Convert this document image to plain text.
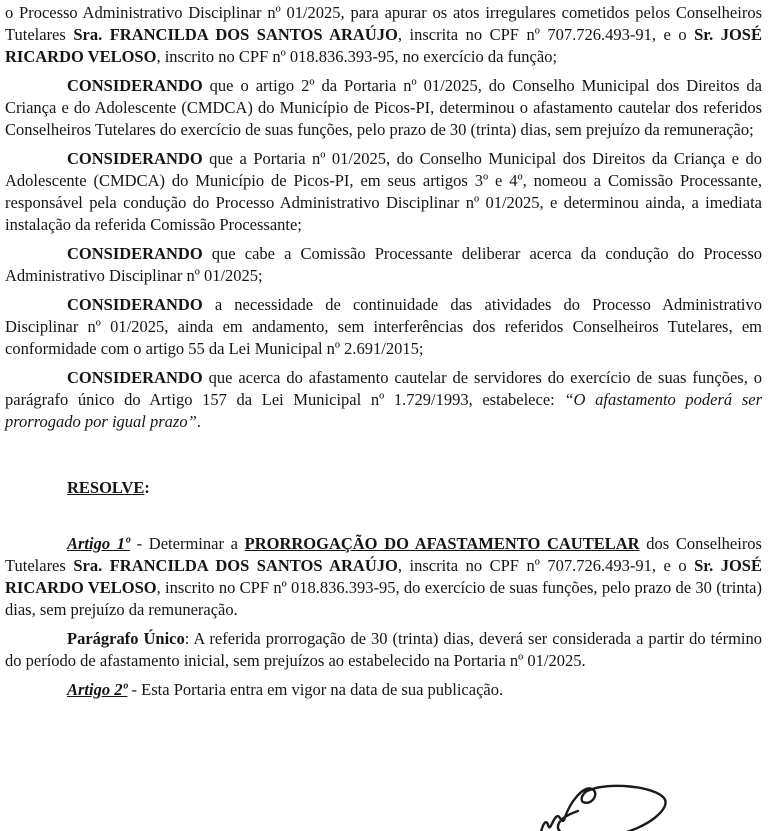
o Processo Administrativo Disciplinar nº 01/2025, para apurar os atos irregulares cometidos pelos Conselheiros Tutelares Sra. FRANCILDA DOS SANTOS ARAÚJO, inscrita no CPF nº 707.726.493-91, e o Sr. JOSÉ RICARDO VELOSO, inscrito no CPF nº 018.836.393-95, no exercício da função;

CONSIDERANDO que o artigo 2º da Portaria nº 01/2025, do Conselho Municipal dos Direitos da Criança e do Adolescente (CMDCA) do Município de Picos-PI, determinou o afastamento cautelar dos referidos Conselheiros Tutelares do exercício de suas funções, pelo prazo de 30 (trinta) dias, sem prejuízo da remuneração;

CONSIDERANDO que a Portaria nº 01/2025, do Conselho Municipal dos Direitos da Criança e do Adolescente (CMDCA) do Município de Picos-PI, em seus artigos 3º e 4º, nomeou a Comissão Processante, responsável pela condução do Processo Administrativo Disciplinar nº 01/2025, e determinou ainda, a imediata instalação da referida Comissão Processante;

CONSIDERANDO que cabe a Comissão Processante deliberar acerca da condução do Processo Administrativo Disciplinar nº 01/2025;

CONSIDERANDO a necessidade de continuidade das atividades do Processo Administrativo Disciplinar nº 01/2025, ainda em andamento, sem interferências dos referidos Conselheiros Tutelares, em conformidade com o artigo 55 da Lei Municipal nº 2.691/2015;

CONSIDERANDO que acerca do afastamento cautelar de servidores do exercício de suas funções, o parágrafo único do Artigo 157 da Lei Municipal nº 1.729/1993, estabelece: “O afastamento poderá ser prorrogado por igual prazo”.

RESOLVE:

Artigo 1º - Determinar a PRORROGAÇÃO DO AFASTAMENTO CAUTELAR dos Conselheiros Tutelares Sra. FRANCILDA DOS SANTOS ARAÚJO, inscrita no CPF nº 707.726.493-91, e o Sr. JOSÉ RICARDO VELOSO, inscrito no CPF nº 018.836.393-95, do exercício de suas funções, pelo prazo de 30 (trinta) dias, sem prejuízo da remuneração.

Parágrafo Único: A referida prorrogação de 30 (trinta) dias, deverá ser considerada a partir do término do período de afastamento inicial, sem prejuízos ao estabelecido na Portaria nº 01/2025.

Artigo 2º - Esta Portaria entra em vigor na data de sua publicação.
